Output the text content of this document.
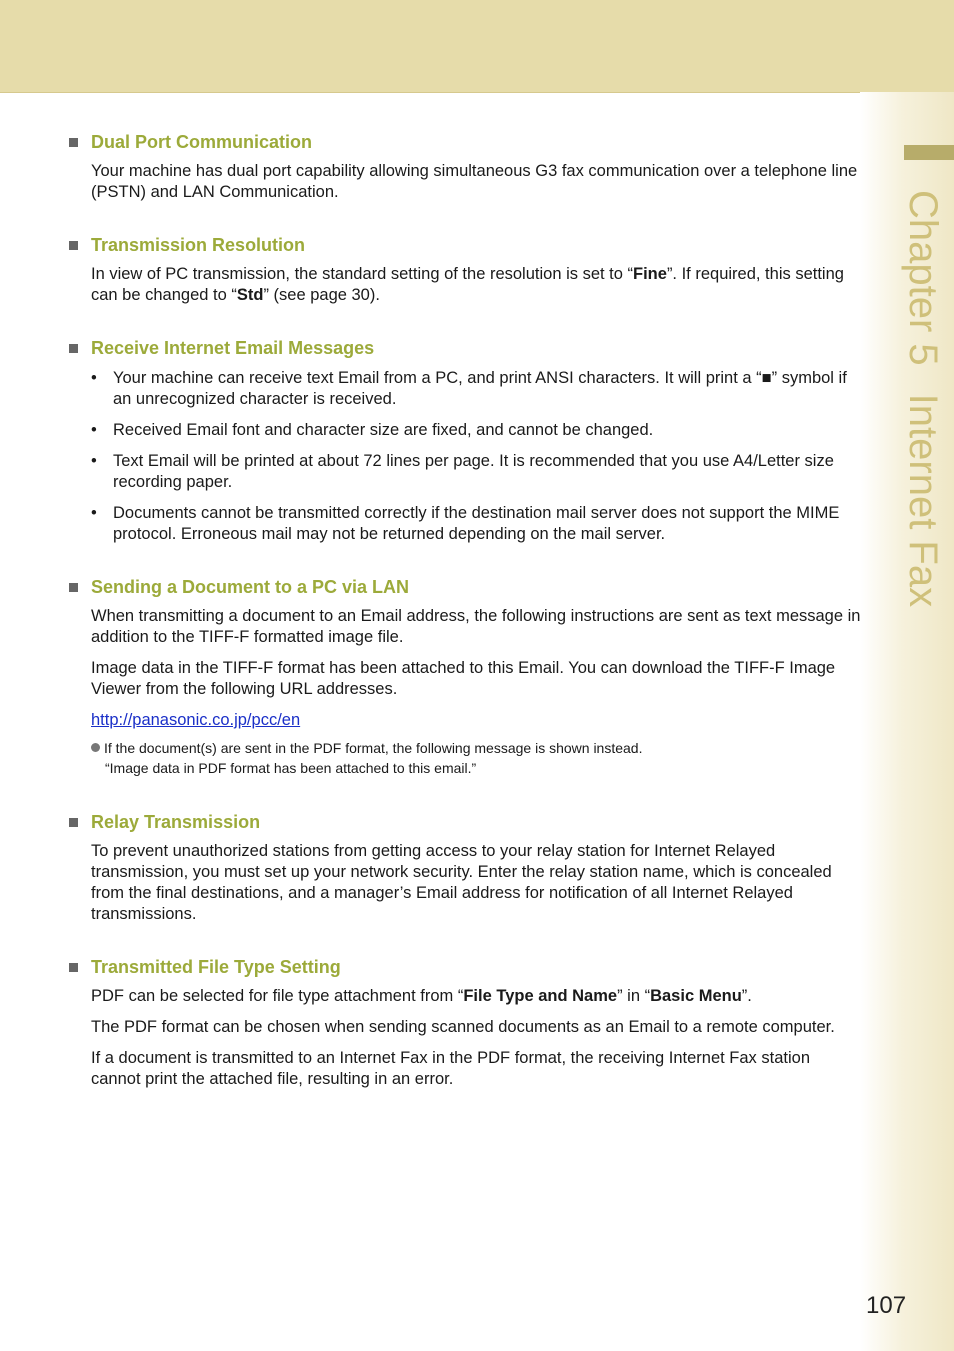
Chapter 5Internet Fax
Dual Port Communication

Your machine has dual port capability allowing simultaneous G3 fax communication over a telephone line (PSTN) and LAN Communication.

Transmission Resolution

In view of PC transmission, the standard setting of the resolution is set to “Fine”. If required, this setting can be changed to “Std” (see page 30).

Receive Internet Email Messages
• Your machine can receive text Email from a PC, and print ANSI characters. It will print a “■” symbol if an unrecognized character is received.
• Received Email font and character size are fixed, and cannot be changed.
• Text Email will be printed at about 72 lines per page. It is recommended that you use A4/Letter size recording paper.
• Documents cannot be transmitted correctly if the destination mail server does not support the MIME protocol. Erroneous mail may not be returned depending on the mail server.
Sending a Document to a PC via LAN

When transmitting a document to an Email address, the following instructions are sent as text message in addition to the TIFF-F formatted image file.

Image data in the TIFF-F format has been attached to this Email. You can download the TIFF-F Image Viewer from the following URL addresses.

http://panasonic.co.jp/pcc/en

If the document(s) are sent in the PDF format, the following message is shown instead.

“Image data in PDF format has been attached to this email.”

Relay Transmission

To prevent unauthorized stations from getting access to your relay station for Internet Relayed transmission, you must set up your network security. Enter the relay station name, which is concealed from the final destinations, and a manager’s Email address for notification of all Internet Relayed transmissions.

Transmitted File Type Setting

PDF can be selected for file type attachment from “File Type and Name” in “Basic Menu”.

The PDF format can be chosen when sending scanned documents as an Email to a remote computer.

If a document is transmitted to an Internet Fax in the PDF format, the receiving Internet Fax station cannot print the attached file, resulting in an error.

107
